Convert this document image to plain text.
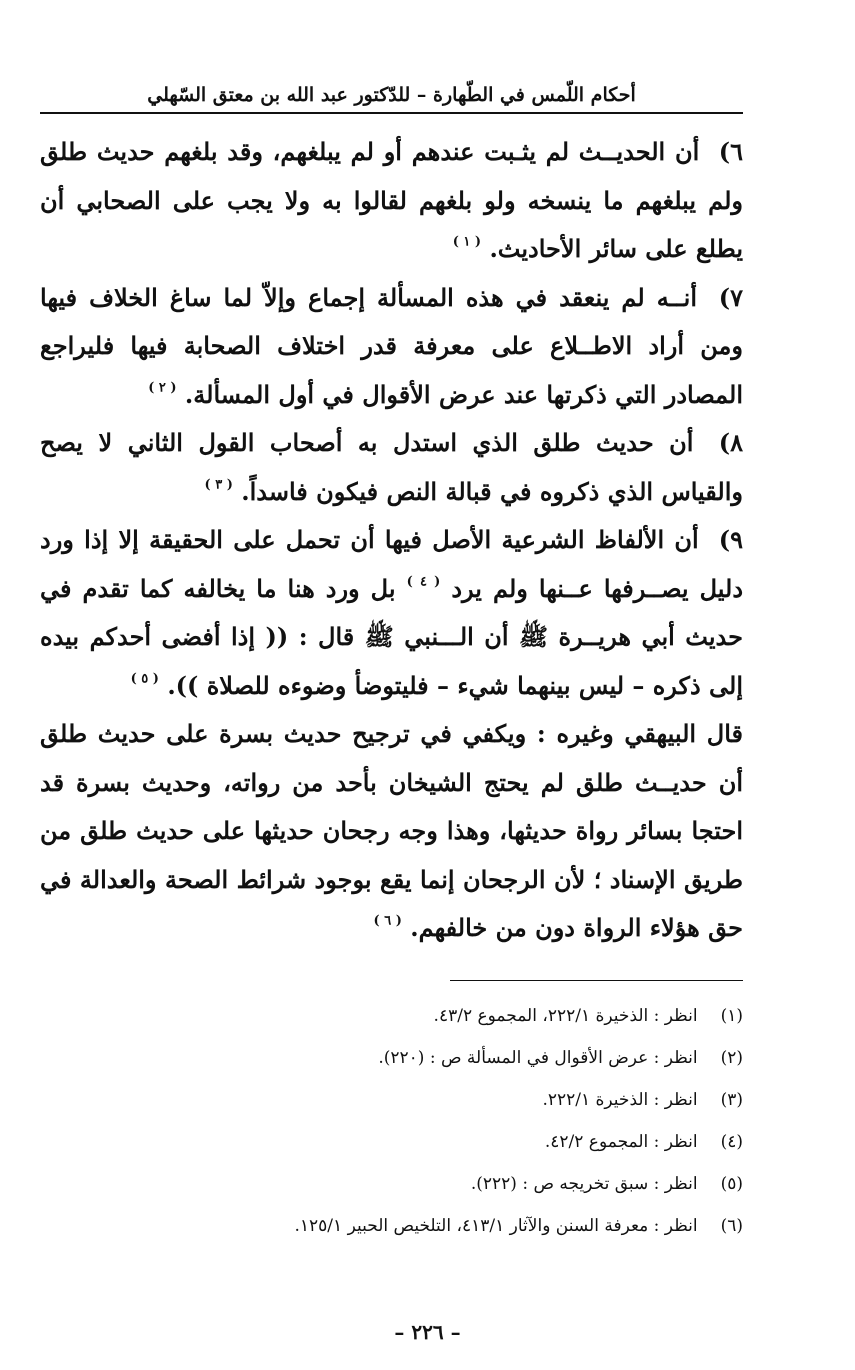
أحكام اللّمس في الطّهارة – للدّكتور عبد الله بن معتق السّهلي

٦) أن الحديــث لم يثـبت عندهم أو لم يبلغهم، وقد بلغهم حديث طلق ولم يبلغهم ما ينسخه ولو بلغهم لقالوا به ولا يجب على الصحابي أن يطلع على سائر الأحاديث. $^{( ١ )}$

٧) أنــه لم ينعقد في هذه المسألة إجماع وإلاّ لما ساغ الخلاف فيها ومن أراد الاطــلاع على معرفة قدر اختلاف الصحابة فيها فليراجع المصادر التي ذكرتها عند عرض الأقوال في أول المسألة. $^{( ٢ )}$

٨) أن حديث طلق الذي استدل به أصحاب القول الثاني لا يصح والقياس الذي ذكروه في قبالة النص فيكون فاسداً. $^{( ٣ )}$

٩) أن الألفاظ الشرعية الأصل فيها أن تحمل على الحقيقة إلا إذا ورد دليل يصــرفها عــنها ولم يرد $^{( ٤ )}$ بل ورد هنا ما يخالفه كما تقدم في حديث أبي هريــرة ﷺ أن الـــنبي ﷺ قال : (( إذا أفضى أحدكم بيده إلى ذكره – ليس بينهما شيء – فليتوضأ وضوءه للصلاة )). $^{( ٥ )}$

قال البيهقي وغيره : ويكفي في ترجيح حديث بسرة على حديث طلق أن حديــث طلق لم يحتج الشيخان بأحد من رواته، وحديث بسرة قد احتجا بسائر رواة حديثها، وهذا وجه رجحان حديثها على حديث طلق من طريق الإسناد ؛ لأن الرجحان إنما يقع بوجود شرائط الصحة والعدالة في حق هؤلاء الرواة دون من خالفهم. $^{( ٦ )}$

(١) انظر : الذخيرة ٢٢٢/١، المجموع ٤٣/٢.
(٢) انظر : عرض الأقوال في المسألة ص : (٢٢٠).
(٣) انظر : الذخيرة ٢٢٢/١.
(٤) انظر : المجموع ٤٢/٢.
(٥) انظر : سبق تخريجه ص : (٢٢٢).
(٦) انظر : معرفة السنن والآثار ٤١٣/١، التلخيص الحبير ١٢٥/١.
– ٢٢٦ –
